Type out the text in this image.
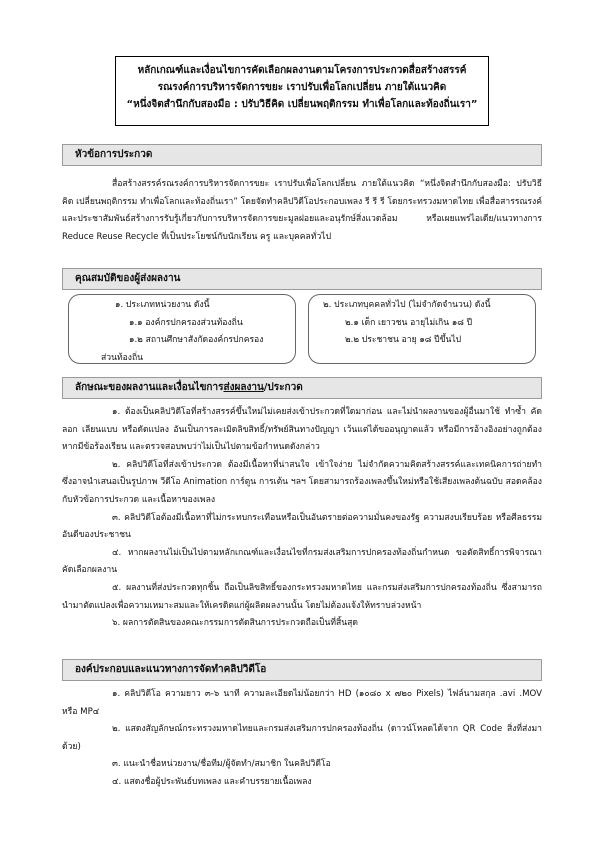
หลักเกณฑ์และเงื่อนไขการคัดเลือกผลงานตามโครงการประกวดสื่อสร้างสรรค์
รณรงค์การบริหารจัดการขยะ เราปรับเพื่อโลกเปลี่ยน ภายใต้แนวคิด
“หนึ่งจิตสำนึกกับสองมือ : ปรับวิธีคิด เปลี่ยนพฤติกรรม ทำเพื่อโลกและท้องถิ่นเรา”
หัวข้อการประกวด

สื่อสร้างสรรค์รณรงค์การบริหารจัดการขยะ เราปรับเพื่อโลกเปลี่ยน ภายใต้แนวคิด “หนึ่งจิตสำนึกกับสองมือ: ปรับวิธีคิด เปลี่ยนพฤติกรรม ทำเพื่อโลกและท้องถิ่นเรา” โดยจัดทำคลิปวิดีโอประกอบเพลง รี รี รี โดยกระทรวงมหาดไทย เพื่อสื่อสารรณรงค์และประชาสัมพันธ์สร้างการรับรู้เกี่ยวกับการบริหารจัดการขยะมูลฝอยและอนุรักษ์สิ่งแวดล้อม หรือเผยแพร่ไอเดีย/แนวทางการ Reduce Reuse Recycle ที่เป็นประโยชน์กับนักเรียน ครู และบุคคลทั่วไป

คุณสมบัติของผู้ส่งผลงาน
๑. ประเภทหน่วยงาน ดังนี้
๑.๑ องค์กรปกครองส่วนท้องถิ่น
๑.๒ สถานศึกษาสังกัดองค์กรปกครอง
ส่วนท้องถิ่น
๒. ประเภทบุคคลทั่วไป (ไม่จำกัดจำนวน) ดังนี้
๒.๑ เด็ก เยาวชน อายุไม่เกิน ๑๘ ปี
๒.๒ ประชาชน อายุ ๑๘ ปีขึ้นไป
ลักษณะของผลงานและเงื่อนไขการส่งผลงาน/ประกวด

๑. ต้องเป็นคลิปวิดีโอที่สร้างสรรค์ขึ้นใหม่ไม่เคยส่งเข้าประกวดที่ใดมาก่อน และไม่นำผลงานของผู้อื่นมาใช้ ทำซ้ำ คัดลอก เลียนแบบ หรือดัดแปลง อันเป็นการละเมิดลิขสิทธิ์/ทรัพย์สินทางปัญญา เว้นแต่ได้ขออนุญาตแล้ว หรือมีการอ้างอิงอย่างถูกต้อง หากมีข้อร้องเรียน และตรวจสอบพบว่าไม่เป็นไปตามข้อกำหนดดังกล่าว

๒. คลิปวิดีโอที่ส่งเข้าประกวด ต้องมีเนื้อหาที่น่าสนใจ เข้าใจง่าย ไม่จำกัดความคิดสร้างสรรค์และเทคนิคการถ่ายทำ ซึ่งอาจนำเสนอเป็นรูปภาพ วีดีโอ Animation การ์ตูน การเต้น ฯลฯ โดยสามารถร้องเพลงขึ้นใหม่หรือใช้เสียงเพลงต้นฉบับ สอดคล้องกับหัวข้อการประกวด และเนื้อหาของเพลง

๓. คลิปวิดีโอต้องมีเนื้อหาที่ไม่กระทบกระเทือนหรือเป็นอันตรายต่อความมั่นคงของรัฐ ความสงบเรียบร้อย หรือศีลธรรมอันดีของประชาชน

๔. หากผลงานไม่เป็นไปตามหลักเกณฑ์และเงื่อนไขที่กรมส่งเสริมการปกครองท้องถิ่นกำหนด ขอตัดสิทธิ์การพิจารณาคัดเลือกผลงาน

๕. ผลงานที่ส่งประกวดทุกชิ้น ถือเป็นลิขสิทธิ์ของกระทรวงมหาดไทย และกรมส่งเสริมการปกครองท้องถิ่น ซึ่งสามารถนำมาตัดแปลงเพื่อความเหมาะสมและให้เครดิตแก่ผู้ผลิตผลงานนั้น โดยไม่ต้องแจ้งให้ทราบล่วงหน้า

๖. ผลการตัดสินของคณะกรรมการตัดสินการประกวดถือเป็นที่สิ้นสุด

องค์ประกอบและแนวทางการจัดทำคลิปวิดีโอ

๑. คลิปวิดีโอ ความยาว ๓-๖ นาที ความละเอียดไม่น้อยกว่า HD (๑๐๘๐ x ๗๒๐ Pixels) ไฟล์นามสกุล .avi .MOV หรือ MP๔

๒. แสดงสัญลักษณ์กระทรวงมหาดไทยและกรมส่งเสริมการปกครองท้องถิ่น (ดาวน์โหลดได้จาก QR Code สิ่งที่ส่งมาด้วย)

๓. แนะนำชื่อหน่วยงาน/ชื่อทีม/ผู้จัดทำ/สมาชิก ในคลิปวิดีโอ

๔. แสดงชื่อผู้ประพันธ์บทเพลง และคำบรรยายเนื้อเพลง
